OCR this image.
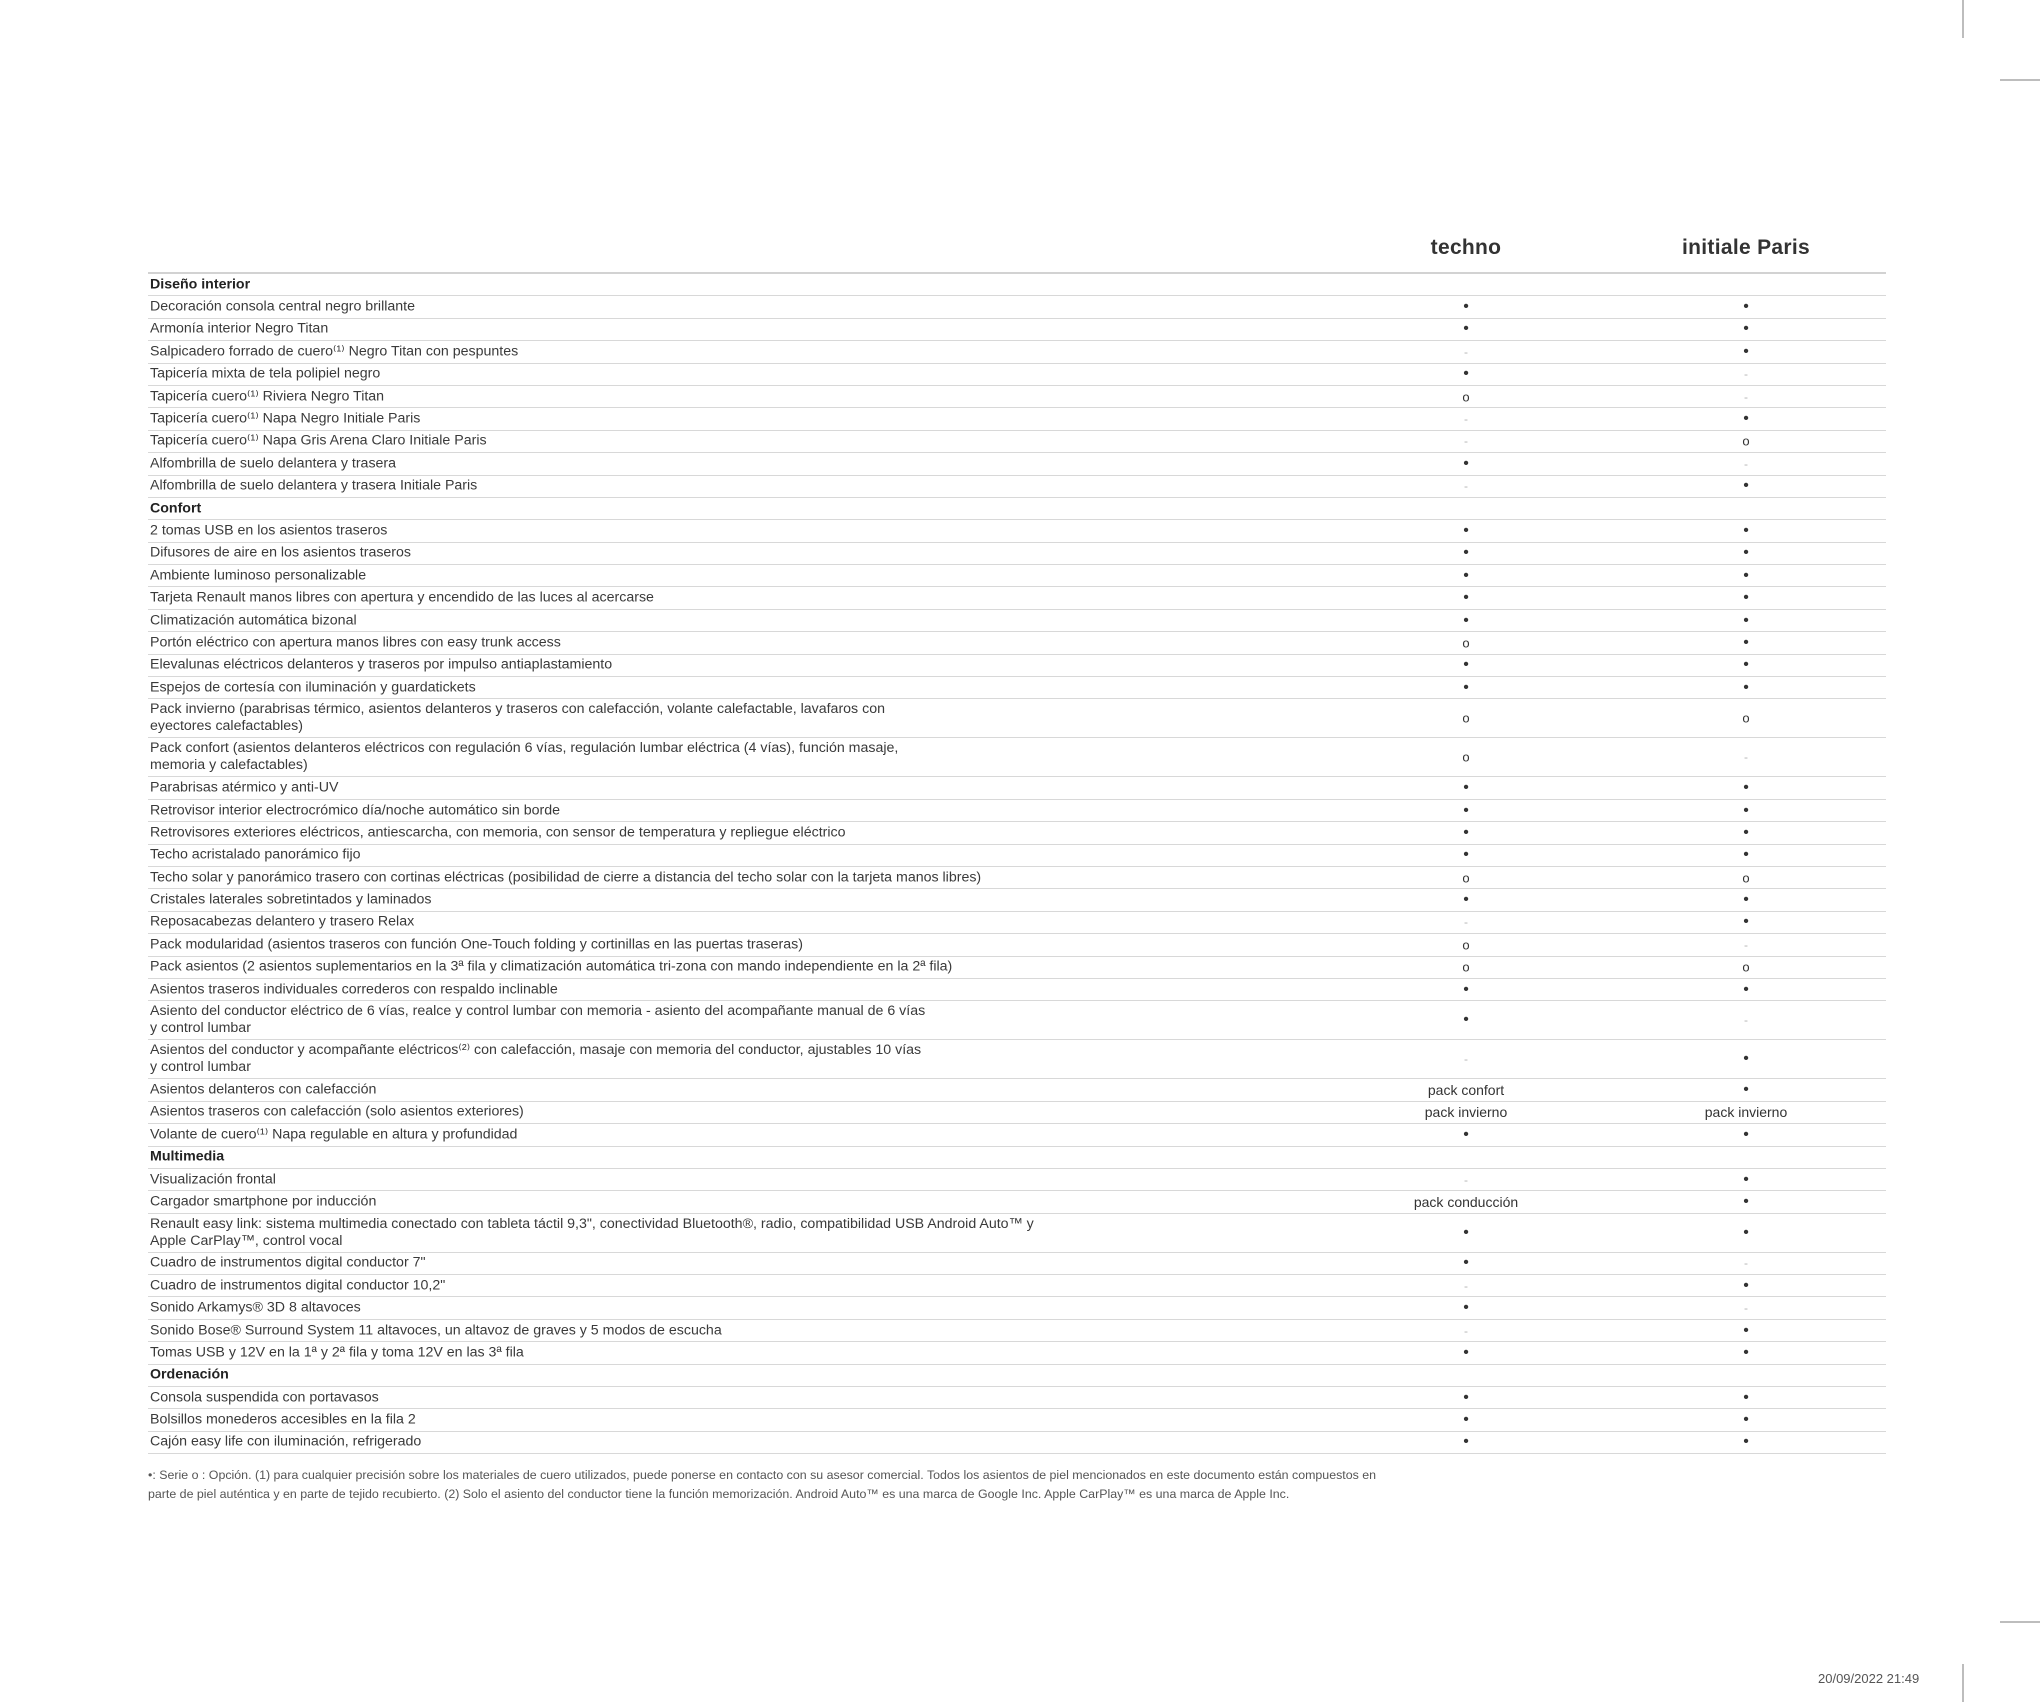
techno	initiale Paris
Diseño interior
Decoración consola central negro brillante	•	•
Armonía interior Negro Titan	•	•
Salpicadero forrado de cuero⁽¹⁾ Negro Titan con pespuntes	-	•
Tapicería mixta de tela polipiel negro	•	-
Tapicería cuero⁽¹⁾ Riviera Negro Titan	o	-
Tapicería cuero⁽¹⁾ Napa Negro Initiale Paris	-	•
Tapicería cuero⁽¹⁾ Napa Gris Arena Claro Initiale Paris	-	o
Alfombrilla de suelo delantera y trasera	•	-
Alfombrilla de suelo delantera y trasera Initiale Paris	-	•
Confort
2 tomas USB en los asientos traseros	•	•
Difusores de aire en los asientos traseros	•	•
Ambiente luminoso personalizable	•	•
Tarjeta Renault manos libres con apertura y encendido de las luces al acercarse	•	•
Climatización automática bizonal	•	•
Portón eléctrico con apertura manos libres con easy trunk access	o	•
Elevalunas eléctricos delanteros y traseros por impulso antiaplastamiento	•	•
Espejos de cortesía con iluminación y guardatickets	•	•
Pack invierno (parabrisas térmico, asientos delanteros y traseros con calefacción, volante calefactable, lavafaros con
eyectores calefactables)	o	o
Pack confort (asientos delanteros eléctricos con regulación 6 vías, regulación lumbar eléctrica (4 vías), función masaje,
memoria y calefactables)	o	-
Parabrisas atérmico y anti-UV	•	•
Retrovisor interior electrocrómico día/noche automático sin borde	•	•
Retrovisores exteriores eléctricos, antiescarcha, con memoria, con sensor de temperatura y repliegue eléctrico	•	•
Techo acristalado panorámico fijo	•	•
Techo solar y panorámico trasero con cortinas eléctricas (posibilidad de cierre a distancia del techo solar con la tarjeta manos libres)	o	o
Cristales laterales sobretintados y laminados	•	•
Reposacabezas delantero y trasero Relax	-	•
Pack modularidad (asientos traseros con función One-Touch folding y cortinillas en las puertas traseras)	o	-
Pack asientos (2 asientos suplementarios en la 3ª fila y climatización automática tri-zona con mando independiente en la 2ª fila)	o	o
Asientos traseros individuales correderos con respaldo inclinable	•	•
Asiento del conductor eléctrico de 6 vías, realce y control lumbar con memoria - asiento del acompañante manual de 6 vías
y control lumbar	•	-
Asientos del conductor y acompañante eléctricos⁽²⁾ con calefacción, masaje con memoria del conductor, ajustables 10 vías
y control lumbar	-	•
Asientos delanteros con calefacción	pack confort	•
Asientos traseros con calefacción (solo asientos exteriores)	pack invierno	pack invierno
Volante de cuero⁽¹⁾ Napa regulable en altura y profundidad	•	•
Multimedia
Visualización frontal	-	•
Cargador smartphone por inducción	pack conducción	•
Renault easy link: sistema multimedia conectado con tableta táctil 9,3", conectividad Bluetooth®, radio, compatibilidad USB Android Auto™ y
Apple CarPlay™, control vocal	•	•
Cuadro de instrumentos digital conductor 7"	•	-
Cuadro de instrumentos digital conductor 10,2"	-	•
Sonido Arkamys® 3D 8 altavoces	•	-
Sonido Bose® Surround System 11 altavoces, un altavoz de graves y 5 modos de escucha	-	•
Tomas USB y 12V en la 1ª y 2ª fila y toma 12V en las 3ª fila	•	•
Ordenación
Consola suspendida con portavasos	•	•
Bolsillos monederos accesibles en la fila 2	•	•
Cajón easy life con iluminación, refrigerado	•	•
•: Serie o : Opción. (1) para cualquier precisión sobre los materiales de cuero utilizados, puede ponerse en contacto con su asesor comercial. Todos los asientos de piel mencionados en este documento están compuestos en parte de piel auténtica y en parte de tejido recubierto. (2) Solo el asiento del conductor tiene la función memorización. Android Auto™ es una marca de Google Inc. Apple CarPlay™ es una marca de Apple Inc.
20/09/2022 21:49
